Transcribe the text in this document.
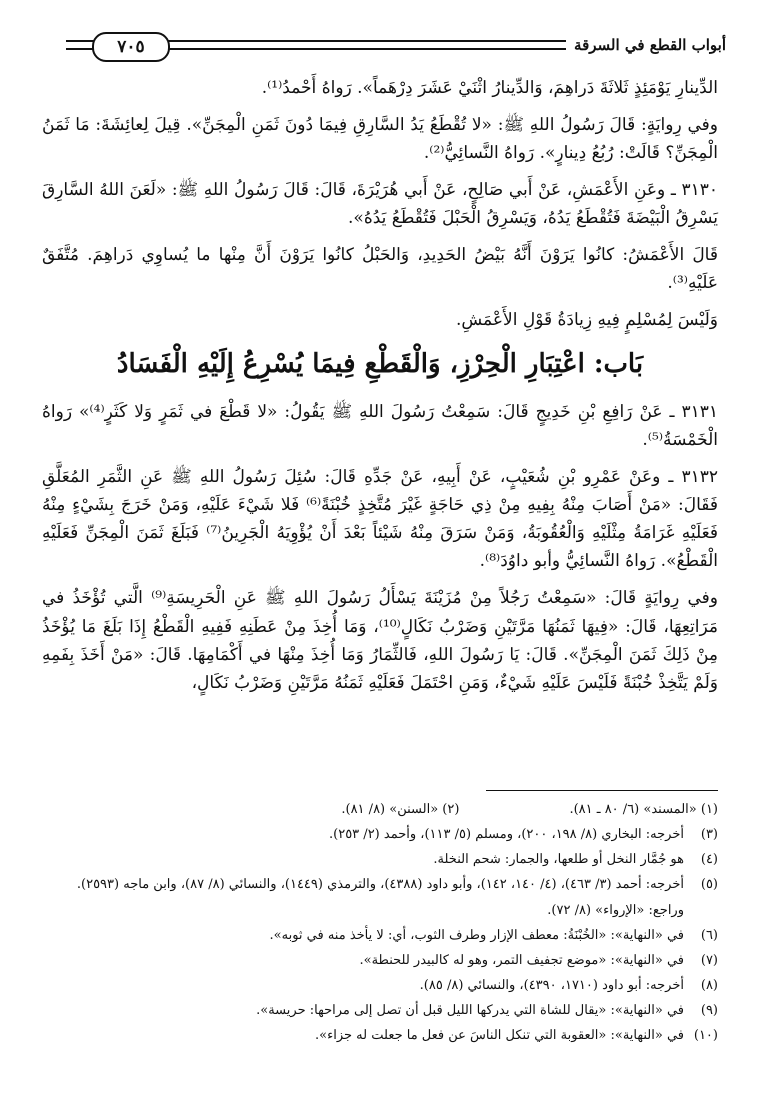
أبواب القطع في السرقة
٧٠٥

الدِّينارِ يَوْمَئِذٍ ثَلاثَةَ دَراهِمَ، وَالدِّينارُ اثْنَيْ عَشَرَ دِرْهَماً». رَواهُ أَحْمدُ⁽¹⁾.

وفي رِوايَةٍ: قَالَ رَسُولُ اللهِ ﷺ: «لا تُقْطَعُ يَدُ السَّارِقِ فِيمَا دُونَ ثَمَنِ الْمِجَنِّ». قِيلَ لِعائِشَةَ: مَا ثَمَنُ الْمِجَنِّ؟ قَالَتْ: رُبُعُ دِينارٍ». رَواهُ النَّسائِيُّ⁽²⁾.

٣١٣٠ ـ وعَنِ الأَعْمَشِ، عَنْ أَبي صَالِحٍ، عَنْ أَبي هُرَيْرَةَ، قَالَ: قَالَ رَسُولُ اللهِ ﷺ: «لَعَنَ اللهُ السَّارِقَ يَسْرِقُ الْبَيْضَةَ فَتُقْطَعُ يَدُهُ، وَيَسْرِقُ الْحَبْلَ فَتُقْطَعُ يَدُهُ».

قَالَ الأَعْمَشُ: كانُوا يَرَوْنَ أَنَّهُ بَيْضُ الحَدِيدِ، وَالحَبْلُ كانُوا يَرَوْنَ أَنَّ مِنْها ما يُساوِي دَراهِمَ. مُتَّفَقٌ عَلَيْهِ⁽³⁾.

وَلَيْسَ لِمُسْلِمٍ فِيهِ زِيادَةُ قَوْلِ الأَعْمَشِ.

بَاب: اعْتِبَارِ الْحِرْزِ، وَالْقَطْعِ فِيمَا يُسْرِعُ إِلَيْهِ الْفَسَادُ

٣١٣١ ـ عَنْ رَافِعِ بْنِ خَدِيجٍ قَالَ: سَمِعْتُ رَسُولَ اللهِ ﷺ يَقُولُ: «لا قَطْعَ في ثَمَرٍ وَلا كَثَرٍ⁽⁴⁾» رَواهُ الْخَمْسَةُ⁽⁵⁾.

٣١٣٢ ـ وعَنْ عَمْرِو بْنِ شُعَيْبٍ، عَنْ أَبِيهِ، عَنْ جَدِّهِ قَالَ: سُئِلَ رَسُولُ اللهِ ﷺ عَنِ الثَّمَرِ المُعَلَّقِ فَقَالَ: «مَنْ أَصَابَ مِنْهُ بِفِيهِ مِنْ ذِي حَاجَةٍ غَيْرَ مُتَّخِذٍ خُبْنَةً⁽⁶⁾ فَلا شَيْءَ عَلَيْهِ، وَمَنْ خَرَجَ بِشَيْءٍ مِنْهُ فَعَلَيْهِ غَرَامَةُ مِثْلَيْهِ وَالْعُقُوبَةُ، وَمَنْ سَرَقَ مِنْهُ شَيْئاً بَعْدَ أَنْ يُؤْوِيَهُ الْجَرِينُ⁽⁷⁾ فَبَلَغَ ثَمَنَ الْمِجَنِّ فَعَلَيْهِ الْقَطْعُ». رَواهُ النَّسائِيُّ وأبو داوُدَ⁽⁸⁾.

وفي رِوايَةٍ قَالَ: «سَمِعْتُ رَجُلاً مِنْ مُزَيْنَةَ يَسْأَلُ رَسُولَ اللهِ ﷺ عَنِ الْحَرِيسَةِ⁽⁹⁾ الَّتي تُؤْخَذُ في مَرَاتِعِهَا، قَالَ: «فِيهَا ثَمَنُهَا مَرَّتَيْنِ وَضَرْبُ نَكَالٍ⁽¹⁰⁾، وَمَا أُخِذَ مِنْ عَطَنِهِ فَفِيهِ الْقَطْعُ إِذَا بَلَغَ مَا يُؤْخَذُ مِنْ ذَلِكَ ثَمَنَ الْمِجَنِّ». قَالَ: يَا رَسُولَ اللهِ، فَالثِّمَارُ وَمَا أُخِذَ مِنْهَا في أَكْمَامِهَا. قَالَ: «مَنْ أَخَذَ بِفَمِهِ وَلَمْ يَتَّخِذْ خُبْنَةً فَلَيْسَ عَلَيْهِ شَيْءٌ، وَمَنِ احْتَمَلَ فَعَلَيْهِ ثَمَنُهُ مَرَّتَيْنِ وَضَرْبُ نَكَالٍ،

(١) «المسند» (٦/ ٨٠ ـ ٨١).
(٢) «السنن» (٨/ ٨١).
(٣)
أخرجه: البخاري (٨/ ١٩٨، ٢٠٠)، ومسلم (٥/ ١١٣)، وأحمد (٢/ ٢٥٣).
(٤)
هو جُمَّار النخل أو طلعها، والجمار: شحم النخلة.
(٥)
أخرجه: أحمد (٣/ ٤٦٣)، (٤/ ١٤٠، ١٤٢)، وأبو داود (٤٣٨٨)، والترمذي (١٤٤٩)، والنسائي (٨/ ٨٧)، وابن ماجه (٢٥٩٣).
وراجع: «الإرواء» (٨/ ٧٢).
(٦)
في «النهاية»: «الخُبْنَةُ: معطف الإزار وطرف الثوب، أي: لا يأخذ منه في ثوبه».
(٧)
في «النهاية»: «موضع تجفيف التمر، وهو له كالبيدر للحنطة».
(٨)
أخرجه: أبو داود (١٧١٠، ٤٣٩٠)، والنسائي (٨/ ٨٥).
(٩)
في «النهاية»: «يقال للشاة التي يدركها الليل قبل أن تصل إلى مراحها: حريسة».
(١٠)
في «النهاية»: «العقوبة التي تنكل الناسَ عن فعل ما جعلت له جزاء».
